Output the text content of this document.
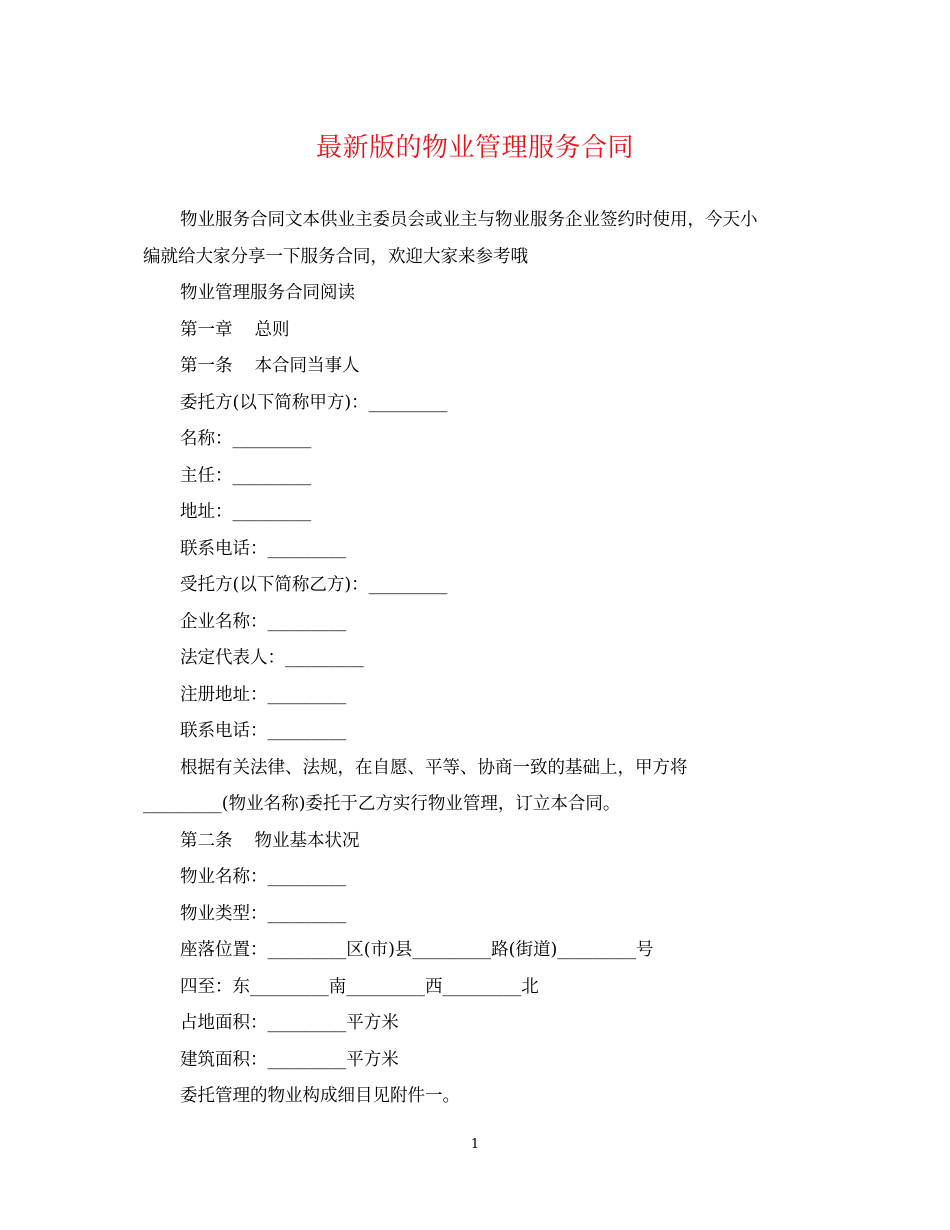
最新版的物业管理服务合同
物业服务合同文本供业主委员会或业主与物业服务企业签约时使用，今天小
编就给大家分享一下服务合同，欢迎大家来参考哦
物业管理服务合同阅读
第一章 总则
第一条 本合同当事人
委托方(以下简称甲方)：_________
名称：_________
主任：_________
地址：_________
联系电话：_________
受托方(以下简称乙方)：_________
企业名称：_________
法定代表人：_________
注册地址：_________
联系电话：_________
根据有关法律、法规，在自愿、平等、协商一致的基础上，甲方将
_________(物业名称)委托于乙方实行物业管理，订立本合同。
第二条 物业基本状况
物业名称：_________
物业类型：_________
座落位置：_________区(市)县_________路(街道)_________号
四至：东_________南_________西_________北
占地面积：_________平方米
建筑面积：_________平方米
委托管理的物业构成细目见附件一。
1
